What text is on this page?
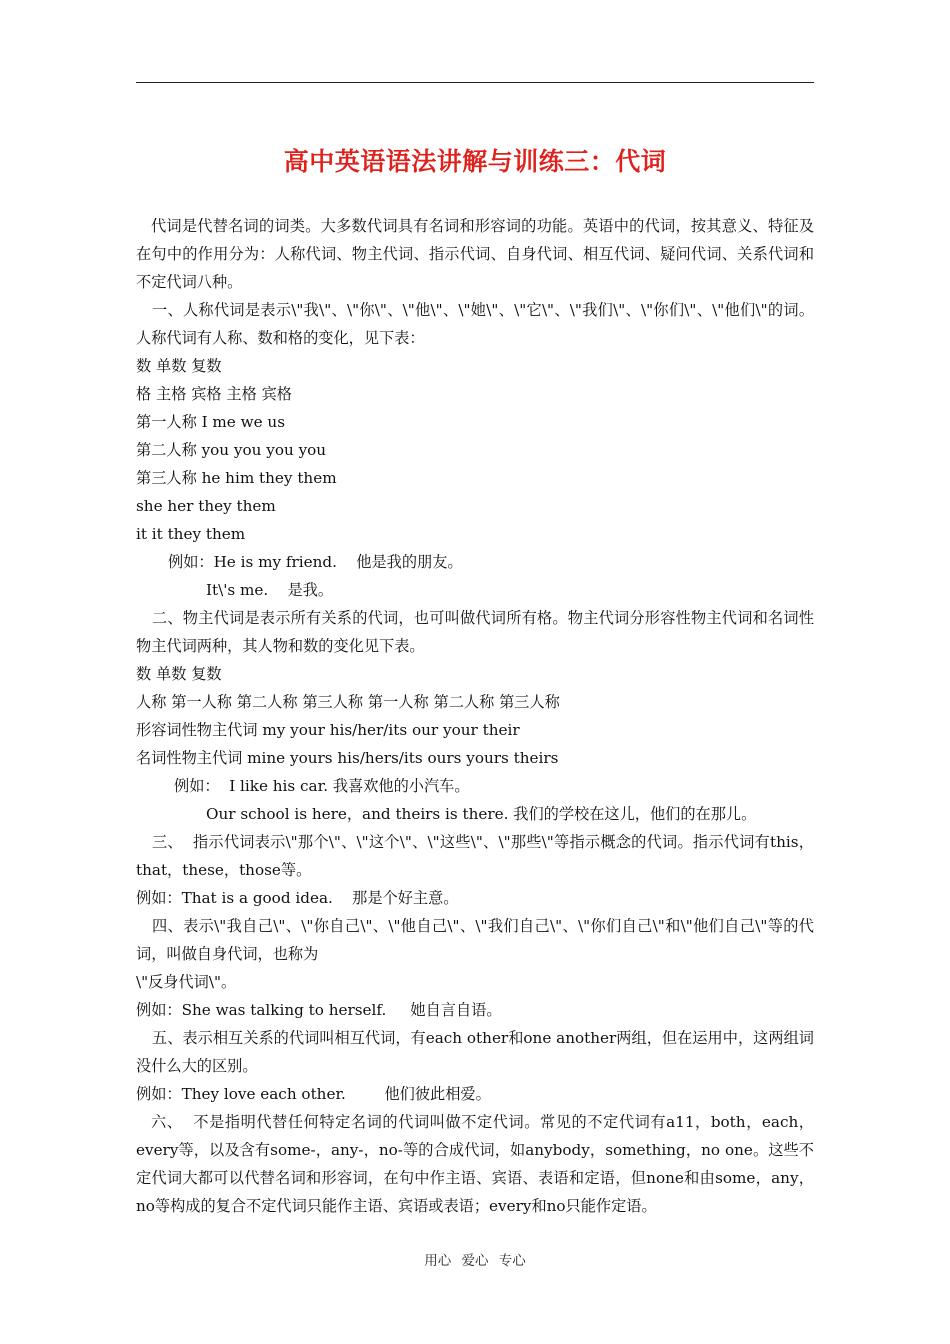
高中英语语法讲解与训练三：代词

代词是代替名词的词类。大多数代词具有名词和形容词的功能。英语中的代词，按其意义、特征及在句中的作用分为：人称代词、物主代词、指示代词、自身代词、相互代词、疑问代词、关系代词和不定代词八种。

一、人称代词是表示\"我\"、\"你\"、\"他\"、\"她\"、\"它\"、\"我们\"、\"你们\"、\"他们\"的词。人称代词有人称、数和格的变化，见下表：

数 单数 复数

格 主格 宾格 主格 宾格

第一人称 I me we us

第二人称 you you you you

第三人称 he him they them

she her they them

it it they them

例如：He is my friend.    他是我的朋友。

It\'s me.    是我。

二、物主代词是表示所有关系的代词，也可叫做代词所有格。物主代词分形容性物主代词和名词性物主代词两种，其人物和数的变化见下表。

数 单数 复数

人称 第一人称 第二人称 第三人称 第一人称 第二人称 第三人称

形容词性物主代词 my your his/her/its our your their

名词性物主代词 mine yours his/hers/its ours yours theirs

例如：  I like his car. 我喜欢他的小汽车。

Our school is here，and theirs is there. 我们的学校在这儿，他们的在那儿。

三、  指示代词表示\"那个\"、\"这个\"、\"这些\"、\"那些\"等指示概念的代词。指示代词有this，that，these，those等。

例如：That is a good idea.    那是个好主意。

四、表示\"我自己\"、\"你自己\"、\"他自己\"、\"我们自己\"、\"你们自己\"和\"他们自己\"等的代词，叫做自身代词，也称为

\"反身代词\"。

例如：She was talking to herself.     她自言自语。

五、表示相互关系的代词叫相互代词，有each other和one another两组，但在运用中，这两组词没什么大的区别。

例如：They love each other.        他们彼此相爱。

六、  不是指明代替任何特定名词的代词叫做不定代词。常见的不定代词有a11，both，each，every等，以及含有some-，any-，no-等的合成代词，如anybody，something，no one。这些不定代词大都可以代替名词和形容词，在句中作主语、宾语、表语和定语，但none和由some，any，no等构成的复合不定代词只能作主语、宾语或表语；every和no只能作定语。

用心 爱心 专心
